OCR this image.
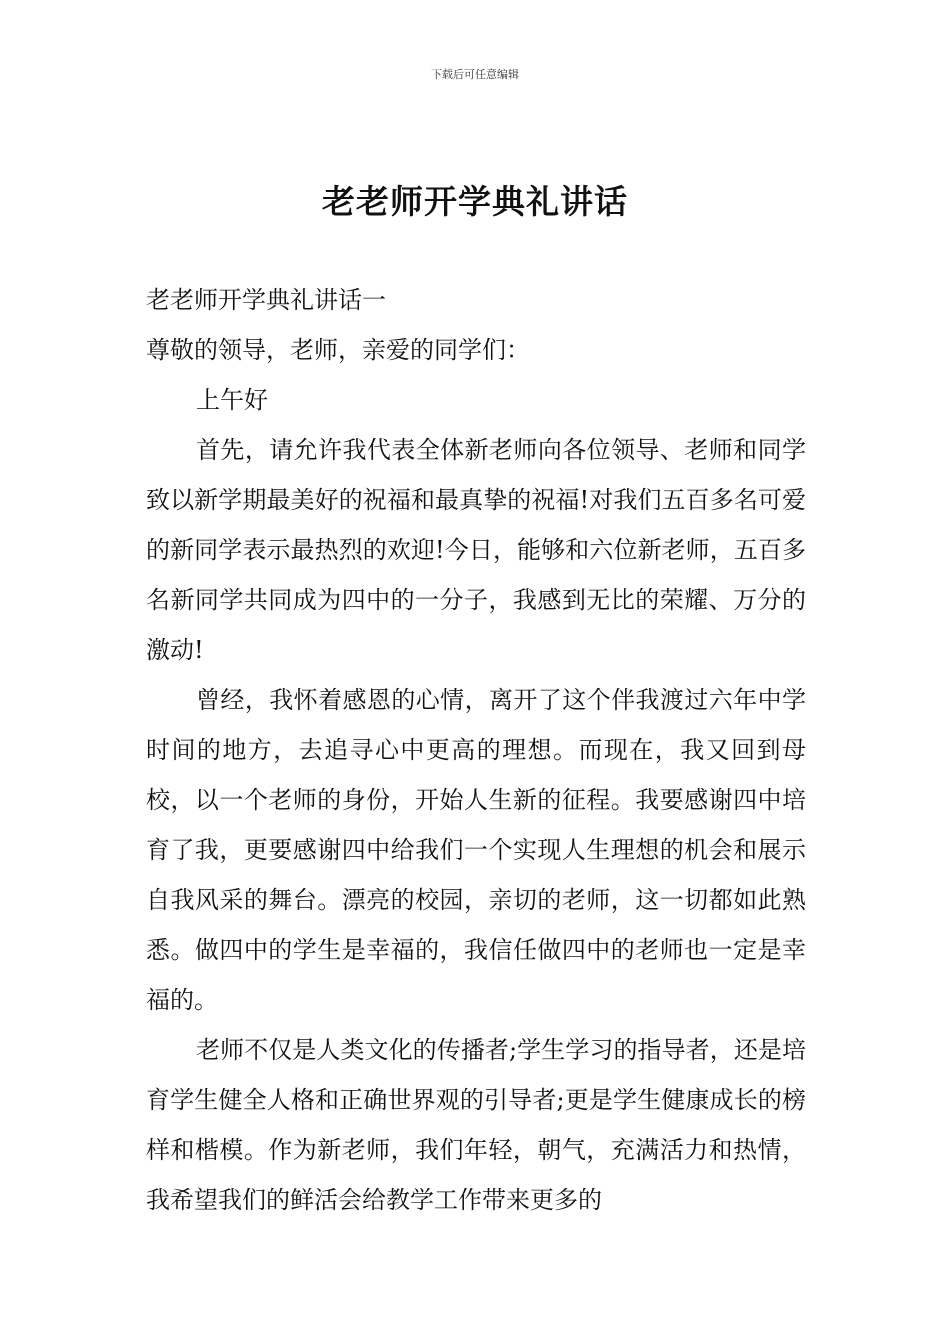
下载后可任意编辑
老老师开学典礼讲话

老老师开学典礼讲话一

尊敬的领导，老师，亲爱的同学们：

上午好

首先，请允许我代表全体新老师向各位领导、老师和同学致以新学期最美好的祝福和最真挚的祝福!对我们五百多名可爱的新同学表示最热烈的欢迎!今日，能够和六位新老师，五百多名新同学共同成为四中的一分子，我感到无比的荣耀、万分的激动!

曾经，我怀着感恩的心情，离开了这个伴我渡过六年中学时间的地方，去追寻心中更高的理想。而现在，我又回到母校，以一个老师的身份，开始人生新的征程。我要感谢四中培育了我，更要感谢四中给我们一个实现人生理想的机会和展示自我风采的舞台。漂亮的校园，亲切的老师，这一切都如此熟悉。做四中的学生是幸福的，我信任做四中的老师也一定是幸福的。

老师不仅是人类文化的传播者;学生学习的指导者，还是培育学生健全人格和正确世界观的引导者;更是学生健康成长的榜样和楷模。作为新老师，我们年轻，朝气，充满活力和热情，我希望我们的鲜活会给教学工作带来更多的
